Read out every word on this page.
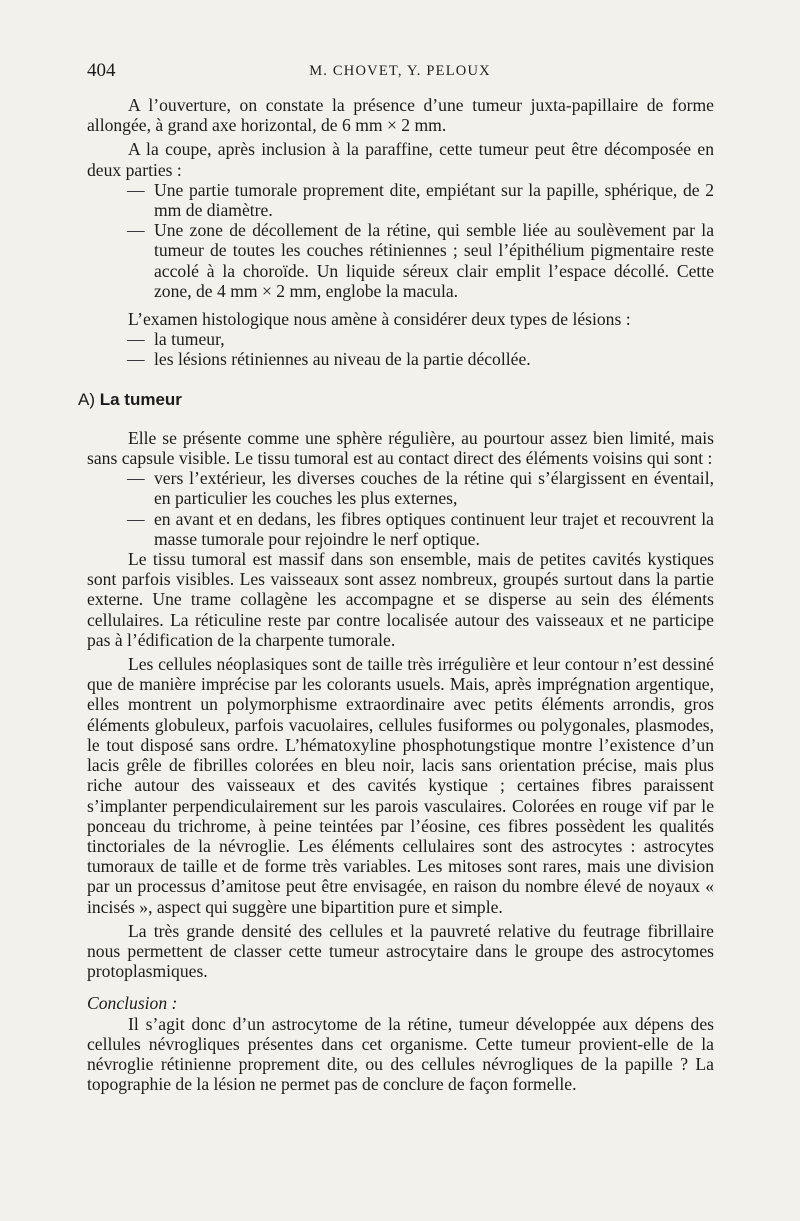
404	M. CHOVET, Y. PELOUX

A l’ouverture, on constate la présence d’une tumeur juxta-papillaire de forme allongée, à grand axe horizontal, de 6 mm × 2 mm.

A la coupe, après inclusion à la paraffine, cette tumeur peut être décomposée en deux parties :

— Une partie tumorale proprement dite, empiétant sur la papille, sphérique, de 2 mm de diamètre.

— Une zone de décollement de la rétine, qui semble liée au soulèvement par la tumeur de toutes les couches rétiniennes ; seul l’épithélium pigmentaire reste accolé à la choroïde. Un liquide séreux clair emplit l’espace décollé. Cette zone, de 4 mm × 2 mm, englobe la macula.

L’examen histologique nous amène à considérer deux types de lésions :

— la tumeur,

— les lésions rétiniennes au niveau de la partie décollée.

A) La tumeur

Elle se présente comme une sphère régulière, au pourtour assez bien limité, mais sans capsule visible. Le tissu tumoral est au contact direct des éléments voisins qui sont :

— vers l’extérieur, les diverses couches de la rétine qui s’élargissent en éventail, en particulier les couches les plus externes,

— en avant et en dedans, les fibres optiques continuent leur trajet et recouvrent la masse tumorale pour rejoindre le nerf optique.

Le tissu tumoral est massif dans son ensemble, mais de petites cavités kystiques sont parfois visibles. Les vaisseaux sont assez nombreux, groupés surtout dans la partie externe. Une trame collagène les accompagne et se disperse au sein des éléments cellulaires. La réticuline reste par contre localisée autour des vaisseaux et ne participe pas à l’édification de la charpente tumorale.

Les cellules néoplasiques sont de taille très irrégulière et leur contour n’est dessiné que de manière imprécise par les colorants usuels. Mais, après imprégnation argentique, elles montrent un polymorphisme extraordinaire avec petits éléments arrondis, gros éléments globuleux, parfois vacuolaires, cellules fusiformes ou polygonales, plasmodes, le tout disposé sans ordre. L’hématoxyline phosphotungstique montre l’existence d’un lacis grêle de fibrilles colorées en bleu noir, lacis sans orientation précise, mais plus riche autour des vaisseaux et des cavités kystique ; certaines fibres paraissent s’implanter perpendiculairement sur les parois vasculaires. Colorées en rouge vif par le ponceau du trichrome, à peine teintées par l’éosine, ces fibres possèdent les qualités tinctoriales de la névroglie. Les éléments cellulaires sont des astrocytes : astrocytes tumoraux de taille et de forme très variables. Les mitoses sont rares, mais une division par un processus d’amitose peut être envisagée, en raison du nombre élevé de noyaux « incisés », aspect qui suggère une bipartition pure et simple.

La très grande densité des cellules et la pauvreté relative du feutrage fibrillaire nous permettent de classer cette tumeur astrocytaire dans le groupe des astrocytomes protoplasmiques.

Conclusion :

Il s’agit donc d’un astrocytome de la rétine, tumeur développée aux dépens des cellules névrogliques présentes dans cet organisme. Cette tumeur provient-elle de la névroglie rétinienne proprement dite, ou des cellules névrogliques de la papille ? La topographie de la lésion ne permet pas de conclure de façon formelle.
